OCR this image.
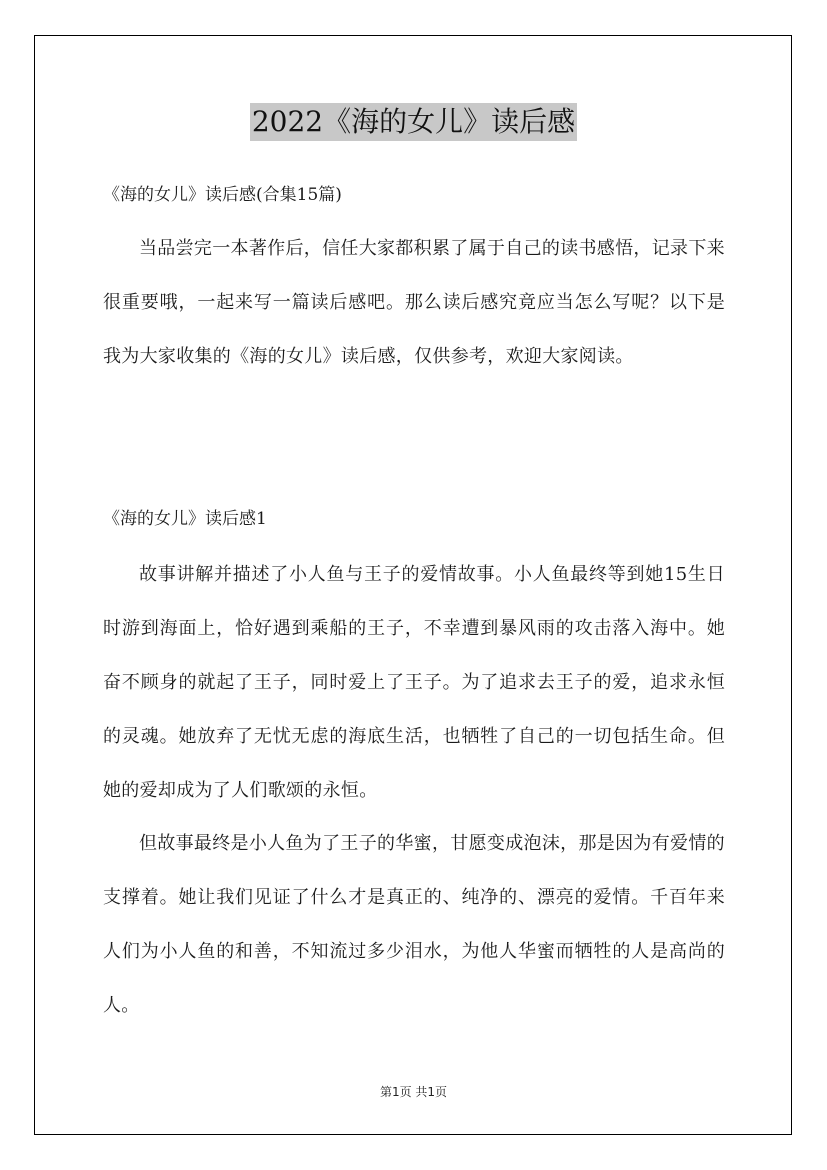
2022《海的女儿》读后感
《海的女儿》读后感(合集15篇)

当品尝完一本著作后，信任大家都积累了属于自己的读书感悟，记录下来很重要哦，一起来写一篇读后感吧。那么读后感究竟应当怎么写呢？以下是我为大家收集的《海的女儿》读后感，仅供参考，欢迎大家阅读。

《海的女儿》读后感1

故事讲解并描述了小人鱼与王子的爱情故事。小人鱼最终等到她15生日时游到海面上，恰好遇到乘船的王子，不幸遭到暴风雨的攻击落入海中。她奋不顾身的就起了王子，同时爱上了王子。为了追求去王子的爱，追求永恒的灵魂。她放弃了无忧无虑的海底生活，也牺牲了自己的一切包括生命。但她的爱却成为了人们歌颂的永恒。

但故事最终是小人鱼为了王子的华蜜，甘愿变成泡沫，那是因为有爱情的支撑着。她让我们见证了什么才是真正的、纯净的、漂亮的爱情。千百年来人们为小人鱼的和善，不知流过多少泪水，为他人华蜜而牺牲的人是高尚的人。

第1页 共1页
